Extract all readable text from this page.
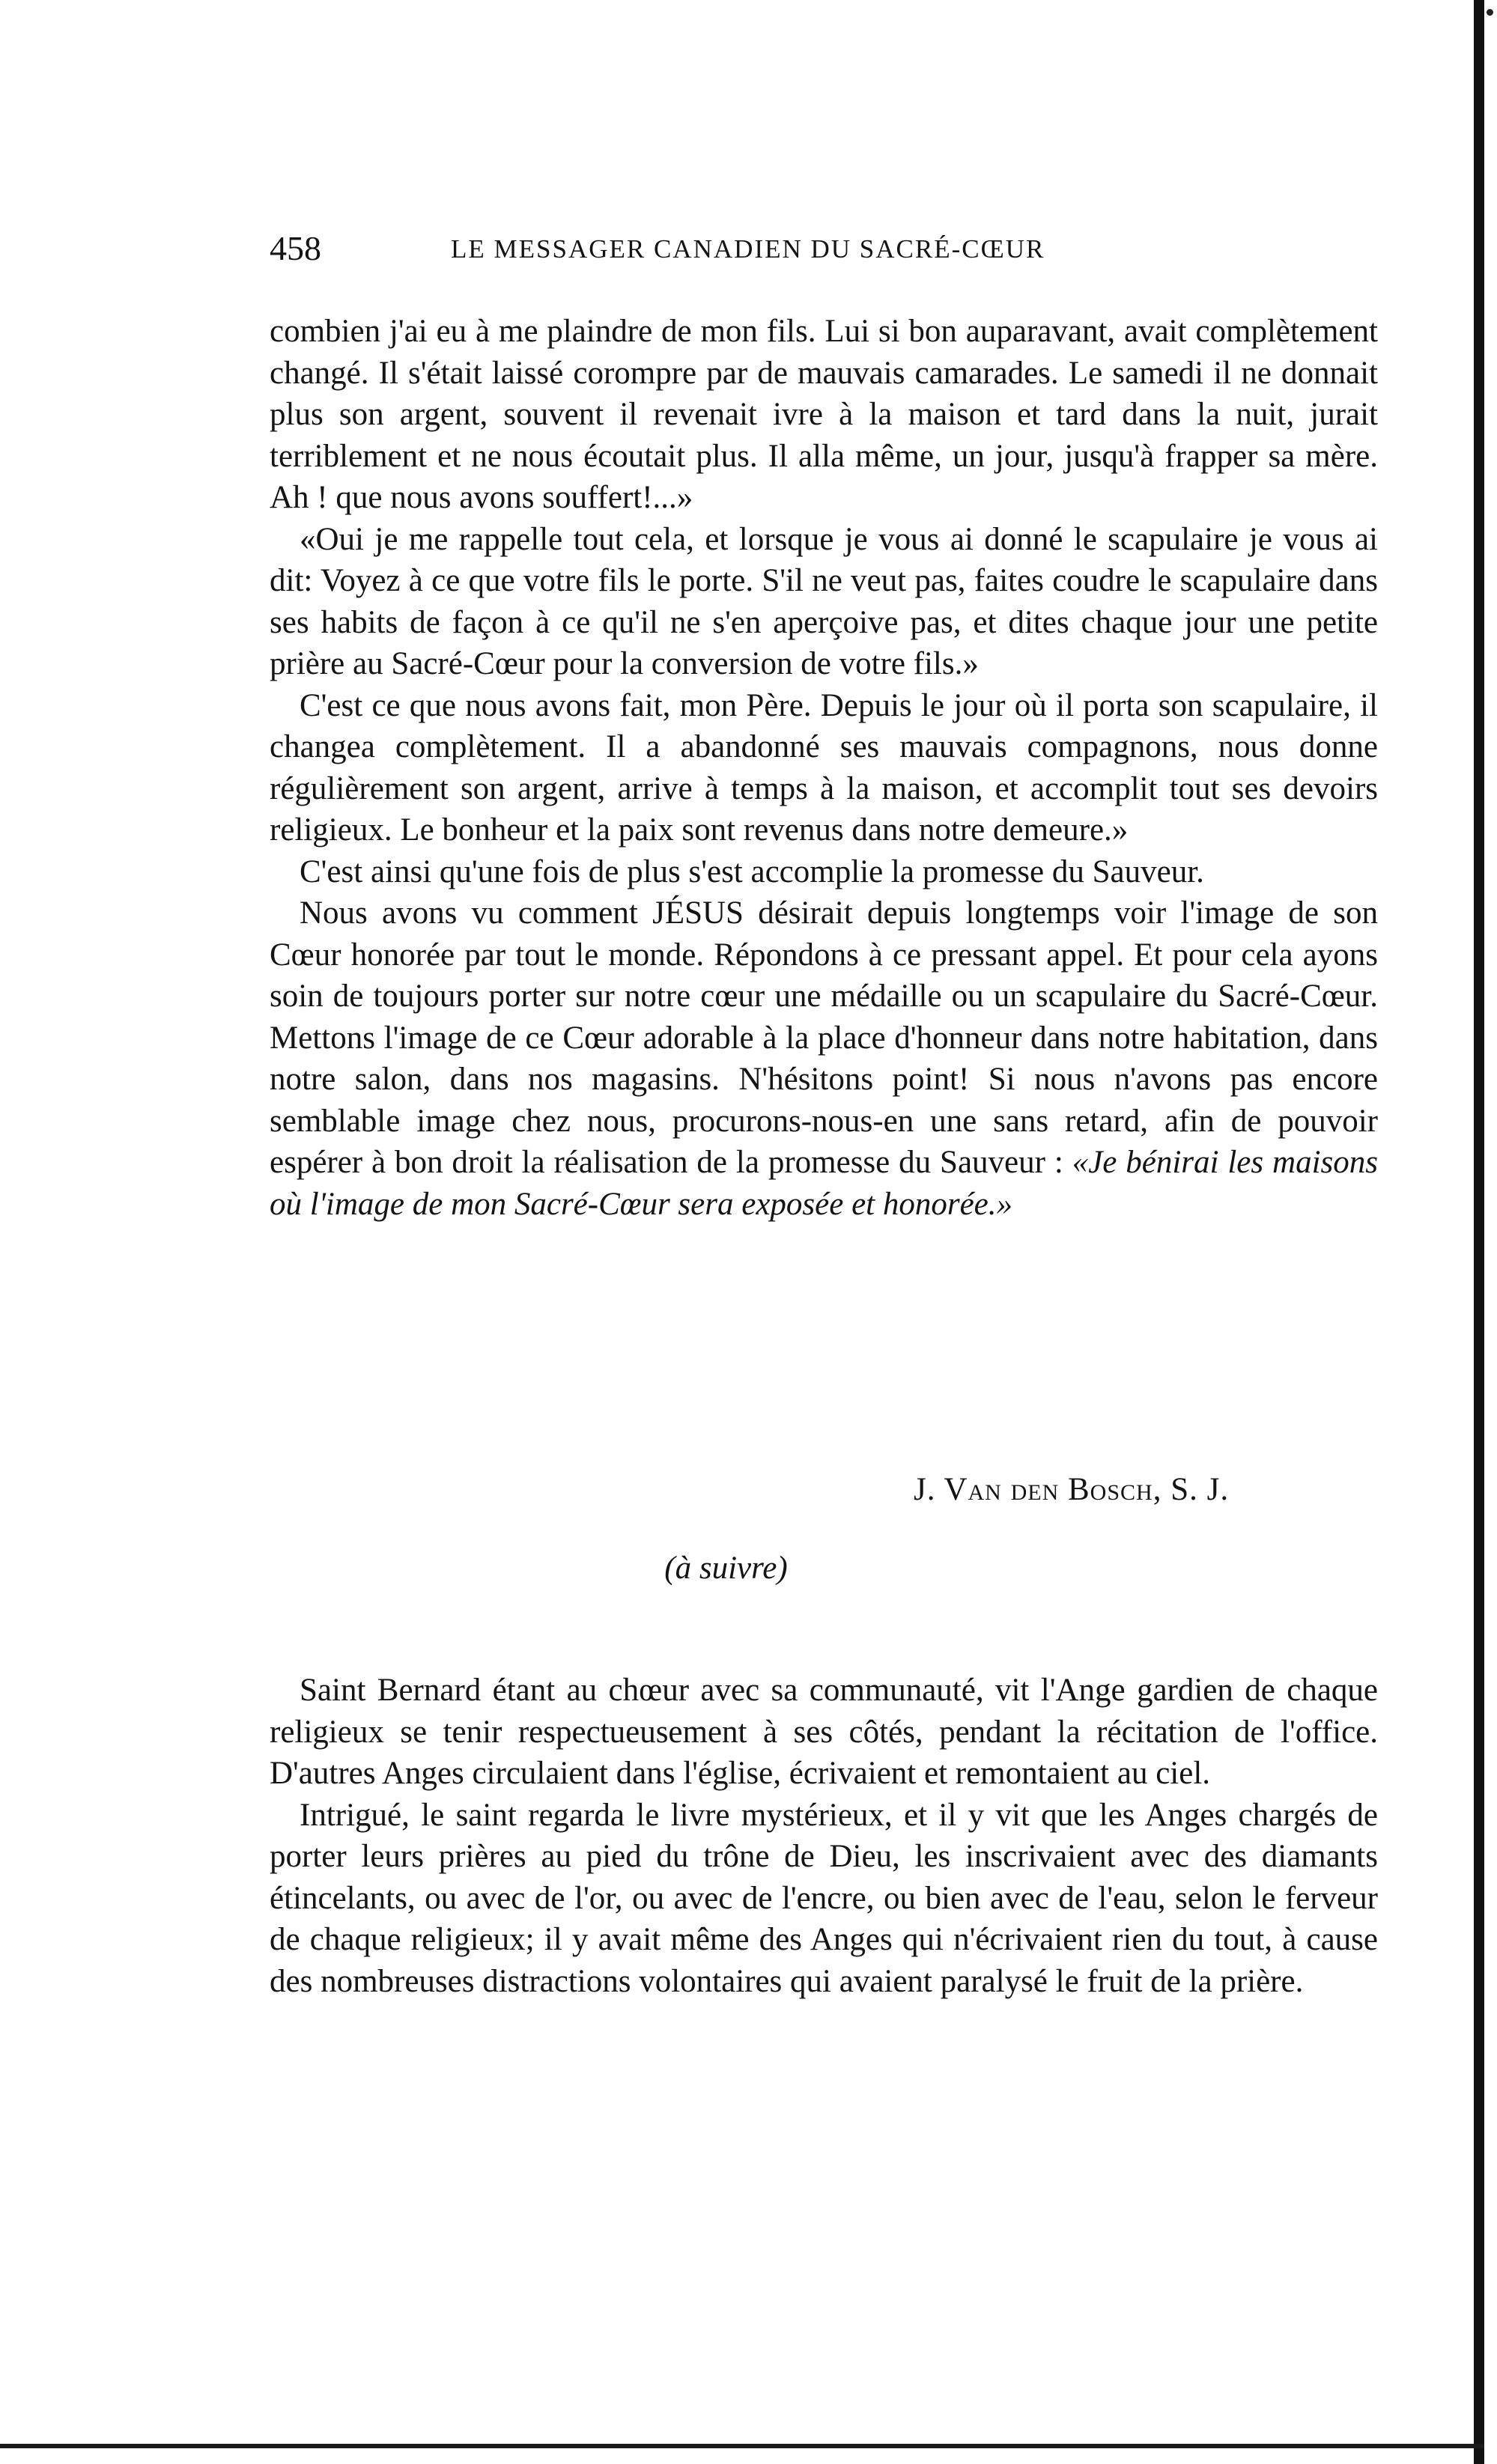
458	LE MESSAGER CANADIEN DU SACRÉ-CŒUR

combien j'ai eu à me plaindre de mon fils. Lui si bon auparavant, avait complètement changé. Il s'était laissé corompre par de mauvais camarades. Le samedi il ne donnait plus son argent, souvent il revenait ivre à la maison et tard dans la nuit, jurait terriblement et ne nous écoutait plus. Il alla même, un jour, jusqu'à frapper sa mère. Ah ! que nous avons souffert!...»

«Oui je me rappelle tout cela, et lorsque je vous ai donné le scapulaire je vous ai dit: Voyez à ce que votre fils le porte. S'il ne veut pas, faites coudre le scapulaire dans ses habits de façon à ce qu'il ne s'en aperçoive pas, et dites chaque jour une petite prière au Sacré-Cœur pour la conversion de votre fils.»

C'est ce que nous avons fait, mon Père. Depuis le jour où il porta son scapulaire, il changea complètement. Il a abandonné ses mauvais compagnons, nous donne régulièrement son argent, arrive à temps à la maison, et accomplit tout ses devoirs religieux. Le bonheur et la paix sont revenus dans notre demeure.»

C'est ainsi qu'une fois de plus s'est accomplie la promesse du Sauveur.

Nous avons vu comment JÉSUS désirait depuis longtemps voir l'image de son Cœur honorée par tout le monde. Répondons à ce pressant appel. Et pour cela ayons soin de toujours porter sur notre cœur une médaille ou un scapulaire du Sacré-Cœur. Mettons l'image de ce Cœur adorable à la place d'honneur dans notre habitation, dans notre salon, dans nos magasins. N'hésitons point! Si nous n'avons pas encore semblable image chez nous, procurons-nous-en une sans retard, afin de pouvoir espérer à bon droit la réalisation de la promesse du Sauveur : «Je bénirai les maisons où l'image de mon Sacré-Cœur sera exposée et honorée.»

J. Van den Bosch, S. J.
(à suivre)

Saint Bernard étant au chœur avec sa communauté, vit l'Ange gardien de chaque religieux se tenir respectueusement à ses côtés, pendant la récitation de l'office. D'autres Anges circulaient dans l'église, écrivaient et remontaient au ciel.

Intrigué, le saint regarda le livre mystérieux, et il y vit que les Anges chargés de porter leurs prières au pied du trône de Dieu, les inscrivaient avec des diamants étincelants, ou avec de l'or, ou avec de l'encre, ou bien avec de l'eau, selon le ferveur de chaque religieux; il y avait même des Anges qui n'écrivaient rien du tout, à cause des nombreuses distractions volontaires qui avaient paralysé le fruit de la prière.
